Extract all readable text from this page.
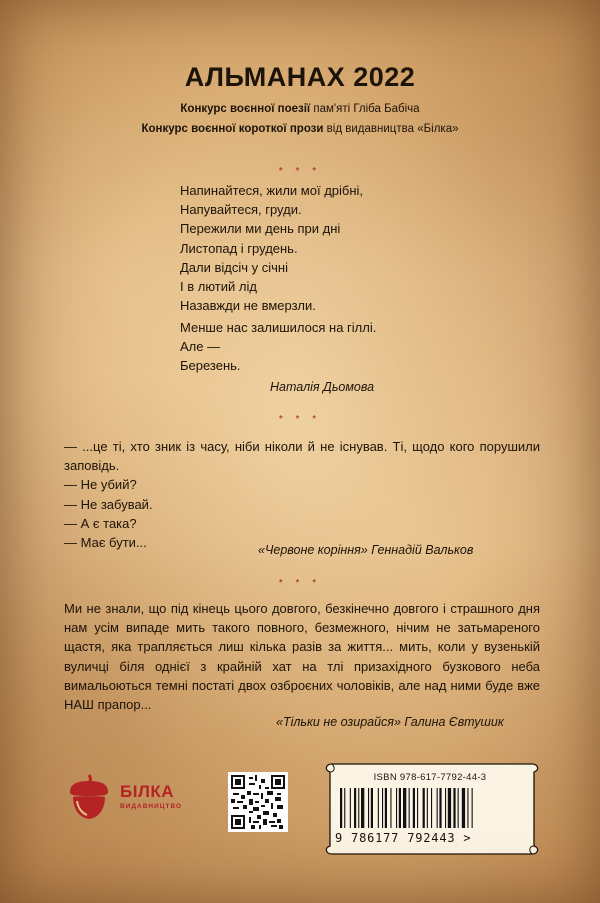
АЛЬМАНАХ 2022
Конкурс воєнної поезії пам'яті Гліба Бабіча
Конкурс воєнної короткої прози від видавництва «Білка»
* * *
Напинайтеся, жили мої дрібні,
Напувайтеся, груди.
Пережили ми день при дні
Листопад і грудень.
Дали відсіч у січні
І в лютий лід
Назавжди не вмерзли.
Менше нас залишилося на гіллі.
Але —
Березень.
Наталія Дьомова
* * *

— ...це ті, хто зник із часу, ніби ніколи й не існував. Ті, щодо кого порушили заповідь.

— Не убий?

— Не забувай.

— А є така?

— Має бути...	«Червоне коріння» Геннадій Вальков
* * *

Ми не знали, що під кінець цього довгого, безкінечно довгого і страшного дня нам усім випаде мить такого повного, безмежного, нічим не затьмареного щастя, яка трапляється лиш кілька разів за життя... мить, коли у вузенькій вуличці біля однієї з крайній хат на тлі призахідного бузкового неба вимальоються темні постаті двох озброєних чоловіків, але над ними буде вже НАШ прапор...

«Тільки не озирайся» Галина Євтушик
БІЛКА
ВИДАВНИЦТВО
ISBN 978-617-7792-44-3
9 786177 792443 >
